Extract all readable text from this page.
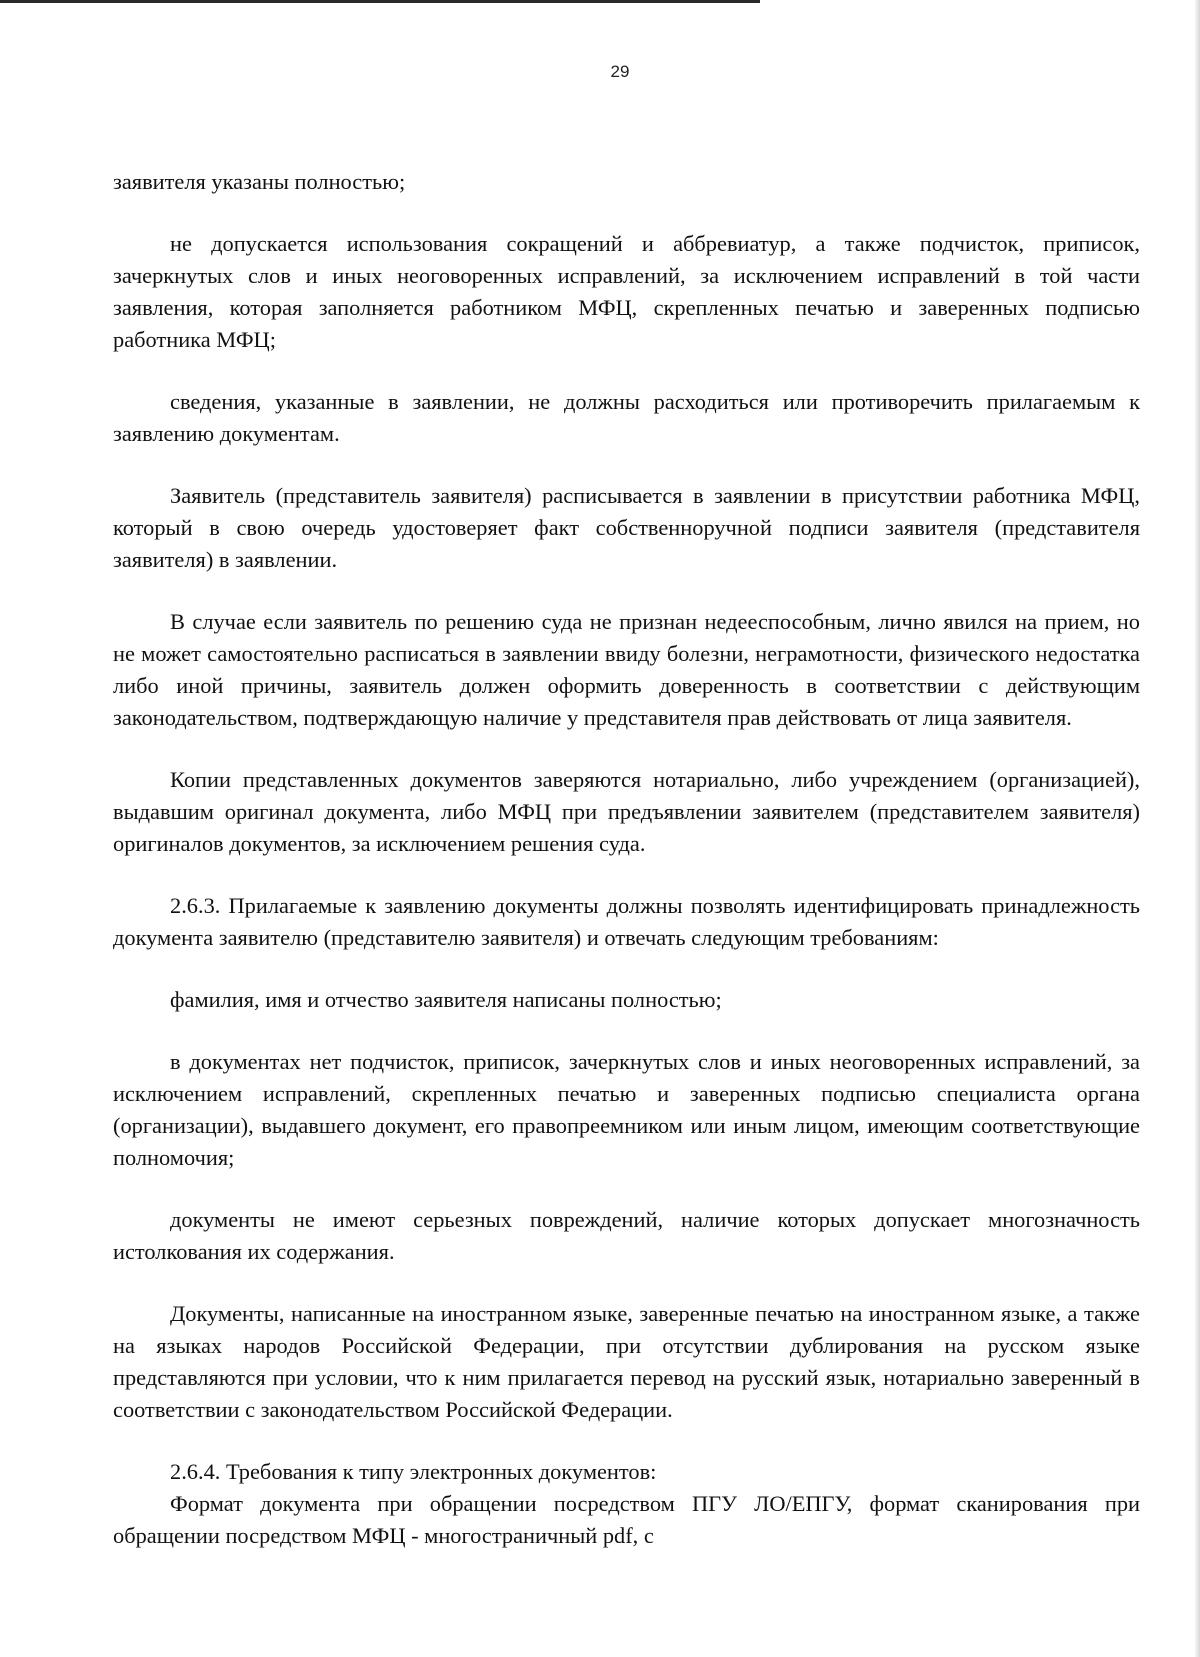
29

заявителя указаны полностью;

не допускается использования сокращений и аббревиатур, а также подчисток, приписок, зачеркнутых слов и иных неоговоренных исправлений, за исключением исправлений в той части заявления, которая заполняется работником МФЦ, скрепленных печатью и заверенных подписью работника МФЦ;

сведения, указанные в заявлении, не должны расходиться или противоречить прилагаемым к заявлению документам.

Заявитель (представитель заявителя) расписывается в заявлении в присутствии работника МФЦ, который в свою очередь удостоверяет факт собственноручной подписи заявителя (представителя заявителя) в заявлении.

В случае если заявитель по решению суда не признан недееспособным, лично явился на прием, но не может самостоятельно расписаться в заявлении ввиду болезни, неграмотности, физического недостатка либо иной причины, заявитель должен оформить доверенность в соответствии с действующим законодательством, подтверждающую наличие у представителя прав действовать от лица заявителя.

Копии представленных документов заверяются нотариально, либо учреждением (организацией), выдавшим оригинал документа, либо МФЦ при предъявлении заявителем (представителем заявителя) оригиналов документов, за исключением решения суда.

2.6.3. Прилагаемые к заявлению документы должны позволять идентифицировать принадлежность документа заявителю (представителю заявителя) и отвечать следующим требованиям:

фамилия, имя и отчество заявителя написаны полностью;

в документах нет подчисток, приписок, зачеркнутых слов и иных неоговоренных исправлений, за исключением исправлений, скрепленных печатью и заверенных подписью специалиста органа (организации), выдавшего документ, его правопреемником или иным лицом, имеющим соответствующие полномочия;

документы не имеют серьезных повреждений, наличие которых допускает многозначность истолкования их содержания.

Документы, написанные на иностранном языке, заверенные печатью на иностранном языке, а также на языках народов Российской Федерации, при отсутствии дублирования на русском языке представляются при условии, что к ним прилагается перевод на русский язык, нотариально заверенный в соответствии с законодательством Российской Федерации.

2.6.4. Требования к типу электронных документов:

Формат документа при обращении посредством ПГУ ЛО/ЕПГУ, формат сканирования при обращении посредством МФЦ - многостраничный pdf, с
